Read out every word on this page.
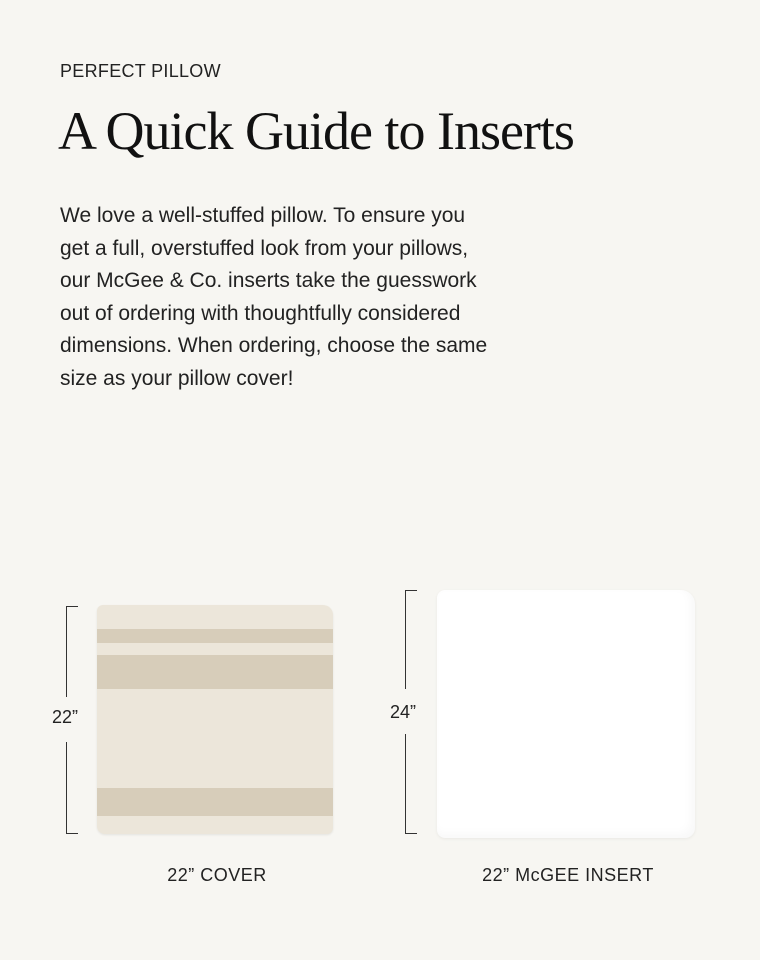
PERFECT PILLOW
A Quick Guide to Inserts
We love a well-stuffed pillow. To ensure you
get a full, overstuffed look from your pillows,
our McGee & Co. inserts take the guesswork
out of ordering with thoughtfully considered
dimensions. When ordering, choose the same
size as your pillow cover!
22”
22” COVER
24”
22” McGEE INSERT
